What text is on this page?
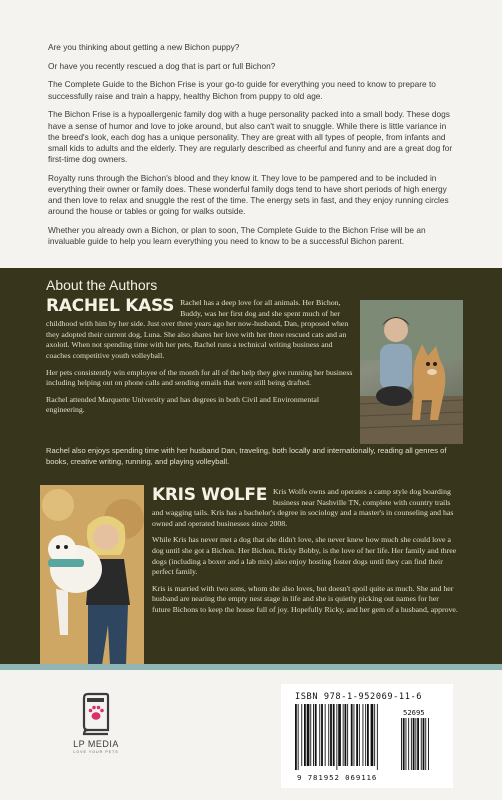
Are you thinking about getting a new Bichon puppy?

Or have you recently rescued a dog that is part or full Bichon?

The Complete Guide to the Bichon Frise is your go-to guide for everything you need to know to prepare to successfully raise and train a happy, healthy Bichon from puppy to old age.

The Bichon Frise is a hypoallergenic family dog with a huge personality packed into a small body. These dogs have a sense of humor and love to joke around, but also can't wait to snuggle. While there is little variance in the breed's look, each dog has a unique personality. They are great with all types of people, from infants and small kids to adults and the elderly. They are regularly described as cheerful and funny and are a great dog for first-time dog owners.

Royalty runs through the Bichon's blood and they know it. They love to be pampered and to be included in everything their owner or family does. These wonderful family dogs tend to have short periods of high energy and then love to relax and snuggle the rest of the time. The energy sets in fast, and they enjoy running circles around the house or tables or going for walks outside.

Whether you already own a Bichon, or plan to soon, The Complete Guide to the Bichon Frise will be an invaluable guide to help you learn everything you need to know to be a successful Bichon parent.

About the Authors
RACHEL KASS Rachel has a deep love for all animals. Her Bichon, Buddy, was her first dog and she spent much of her childhood with him by her side. Just over three years ago her now-husband, Dan, proposed when they adopted their current dog, Luna. She also shares her love with her three rescued cats and an axolotl. When not spending time with her pets, Rachel runs a technical writing business and coaches competitive youth volleyball.

Her pets consistently win employee of the month for all of the help they give running her business including helping out on phone calls and sending emails that were still being drafted.

Rachel attended Marquette University and has degrees in both Civil and Environmental engineering.

Rachel also enjoys spending time with her husband Dan, traveling, both locally and internationally, reading all genres of books, creative writing, running, and playing volleyball.

KRIS WOLFE Kris Wolfe owns and operates a camp style dog boarding business near Nashville TN, complete with country trails and wagging tails. Kris has a bachelor's degree in sociology and a master's in counseling and has owned and operated businesses since 2008.

While Kris has never met a dog that she didn't love, she never knew how much she could love a dog until she got a Bichon. Her Bichon, Ricky Bobby, is the love of her life. Her family and three dogs (including a boxer and a lab mix) also enjoy hosting foster dogs until they can find their perfect family.

Kris is married with two sons, whom she also loves, but doesn't spoil quite as much. She and her husband are nearing the empty nest stage in life and she is quietly picking out names for her future Bichons to keep the house full of joy. Hopefully Ricky, and her gem of a husband, approve.

LP MEDIA
LOVE YOUR PETS
ISBN 978-1-952069-11-6
52695
9 781952 069116
